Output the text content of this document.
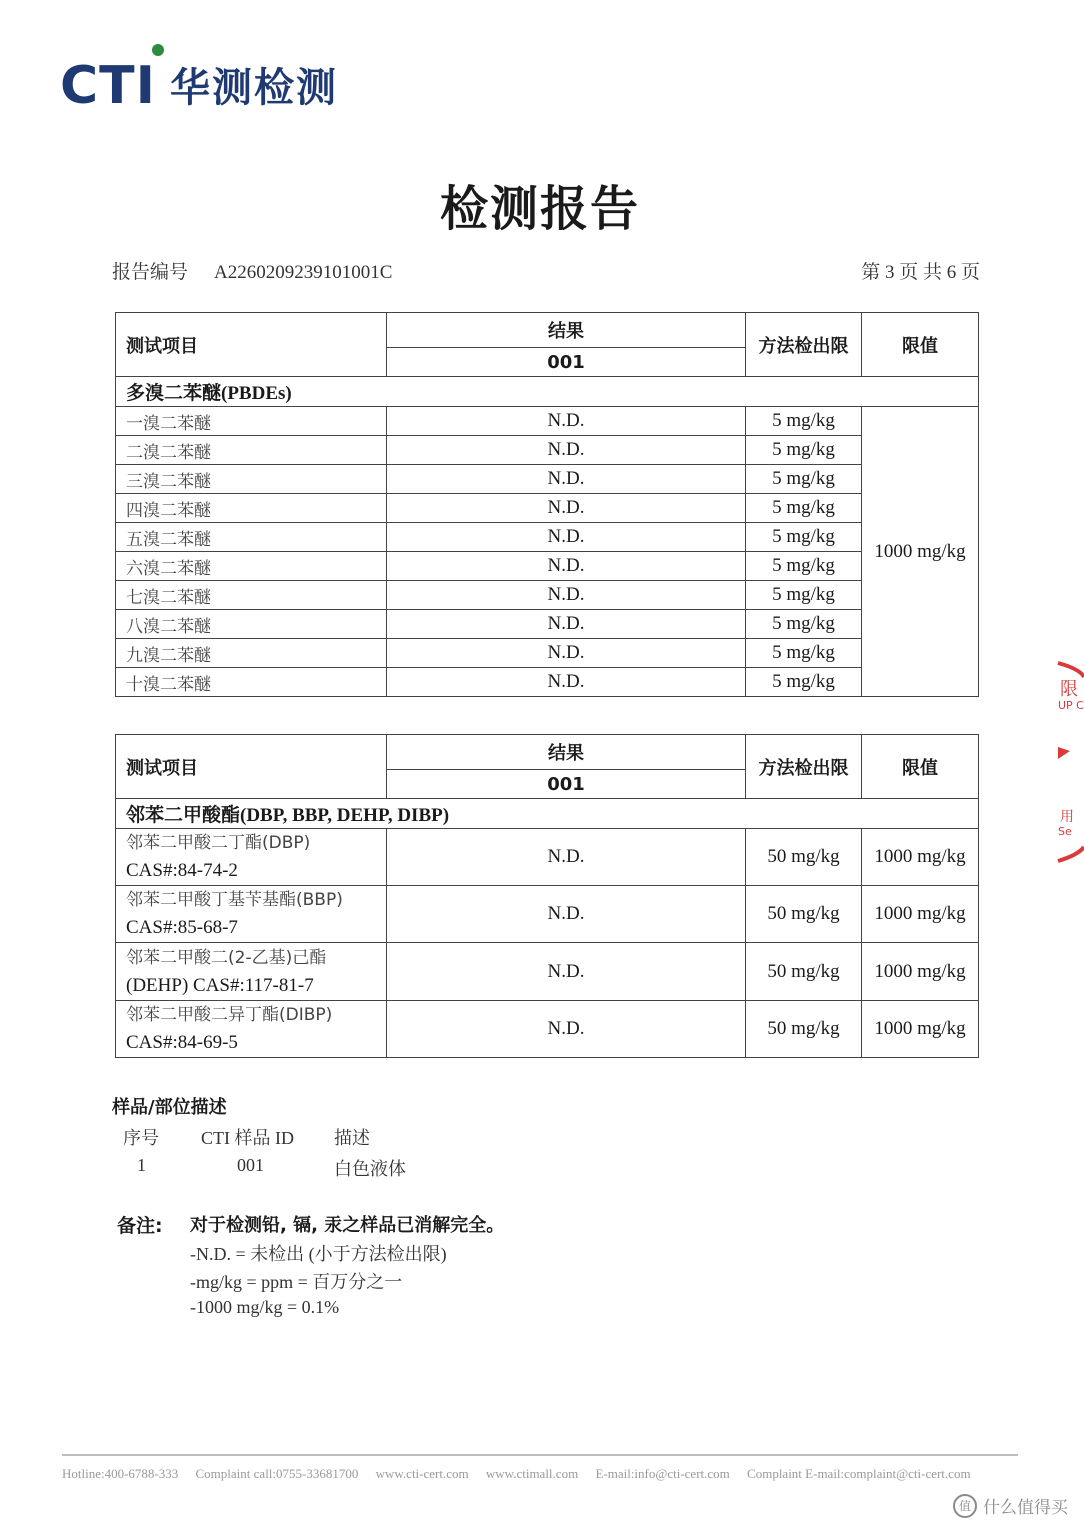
CTI 华测检测
检测报告
报告编号 A2260209239101001C	第 3 页 共 6 页
测试项目	结果	方法检出限	限值
	001		
多溴二苯醚(PBDEs)			
一溴二苯醚	N.D.	5 mg/kg	1000 mg/kg
二溴二苯醚	N.D.	5 mg/kg	
三溴二苯醚	N.D.	5 mg/kg	
四溴二苯醚	N.D.	5 mg/kg	
五溴二苯醚	N.D.	5 mg/kg	
六溴二苯醚	N.D.	5 mg/kg	
七溴二苯醚	N.D.	5 mg/kg	
八溴二苯醚	N.D.	5 mg/kg	
九溴二苯醚	N.D.	5 mg/kg	
十溴二苯醚	N.D.	5 mg/kg	
测试项目	结果	方法检出限	限值
	001		
邻苯二甲酸酯(DBP, BBP, DEHP, DIBP)			
邻苯二甲酸二丁酯(DBP)
CAS#:84-74-2	N.D.	50 mg/kg	1000 mg/kg
邻苯二甲酸丁基苄基酯(BBP)
CAS#:85-68-7	N.D.	50 mg/kg	1000 mg/kg
邻苯二甲酸二(2-乙基)己酯
(DEHP) CAS#:117-81-7	N.D.	50 mg/kg	1000 mg/kg
邻苯二甲酸二异丁酯(DIBP)
CAS#:84-69-5	N.D.	50 mg/kg	1000 mg/kg
样品/部位描述
序号 CTI 样品 ID 描述
1	001	白色液体
备注: 对于检测铅, 镉, 汞之样品已消解完全。
-N.D. = 未检出 (小于方法检出限)
-mg/kg = ppm = 百万分之一
-1000 mg/kg = 0.1%
限
UP C
用
Se
Hotline:400-6788-333 Complaint call:0755-33681700 www.cti-cert.com www.ctimall.com E-mail:info@cti-cert.com Complaint E-mail:complaint@cti-cert.com
值 什么值得买
